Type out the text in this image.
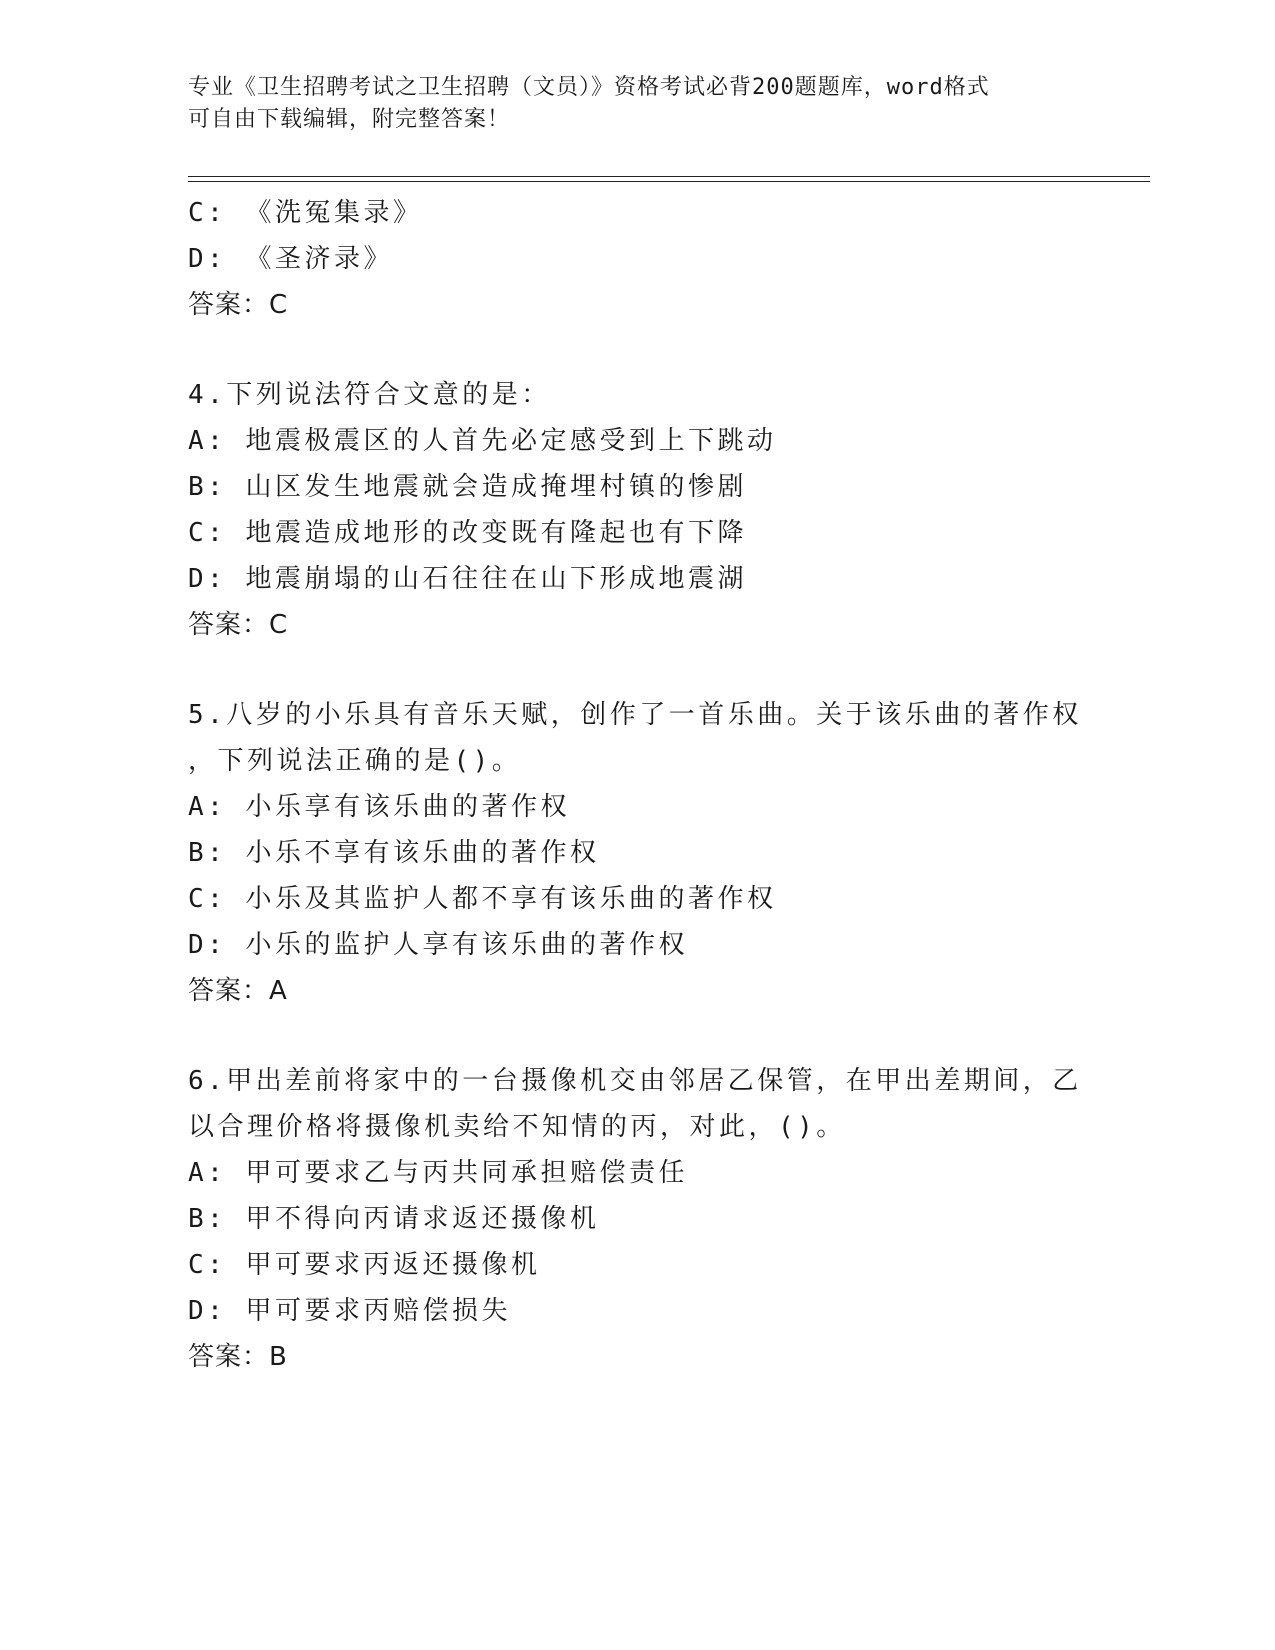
专业《卫生招聘考试之卫生招聘（文员）》资格考试必背200题题库，word格式
可自由下载编辑，附完整答案！
C: 《洗冤集录》
D: 《圣济录》
答案：C
4.下列说法符合文意的是：
A: 地震极震区的人首先必定感受到上下跳动
B: 山区发生地震就会造成掩埋村镇的惨剧
C: 地震造成地形的改变既有隆起也有下降
D: 地震崩塌的山石往往在山下形成地震湖
答案：C
5.八岁的小乐具有音乐天赋，创作了一首乐曲。关于该乐曲的著作权
，下列说法正确的是()。
A: 小乐享有该乐曲的著作权
B: 小乐不享有该乐曲的著作权
C: 小乐及其监护人都不享有该乐曲的著作权
D: 小乐的监护人享有该乐曲的著作权
答案：A
6.甲出差前将家中的一台摄像机交由邻居乙保管，在甲出差期间，乙
以合理价格将摄像机卖给不知情的丙，对此，()。
A: 甲可要求乙与丙共同承担赔偿责任
B: 甲不得向丙请求返还摄像机
C: 甲可要求丙返还摄像机
D: 甲可要求丙赔偿损失
答案：B
